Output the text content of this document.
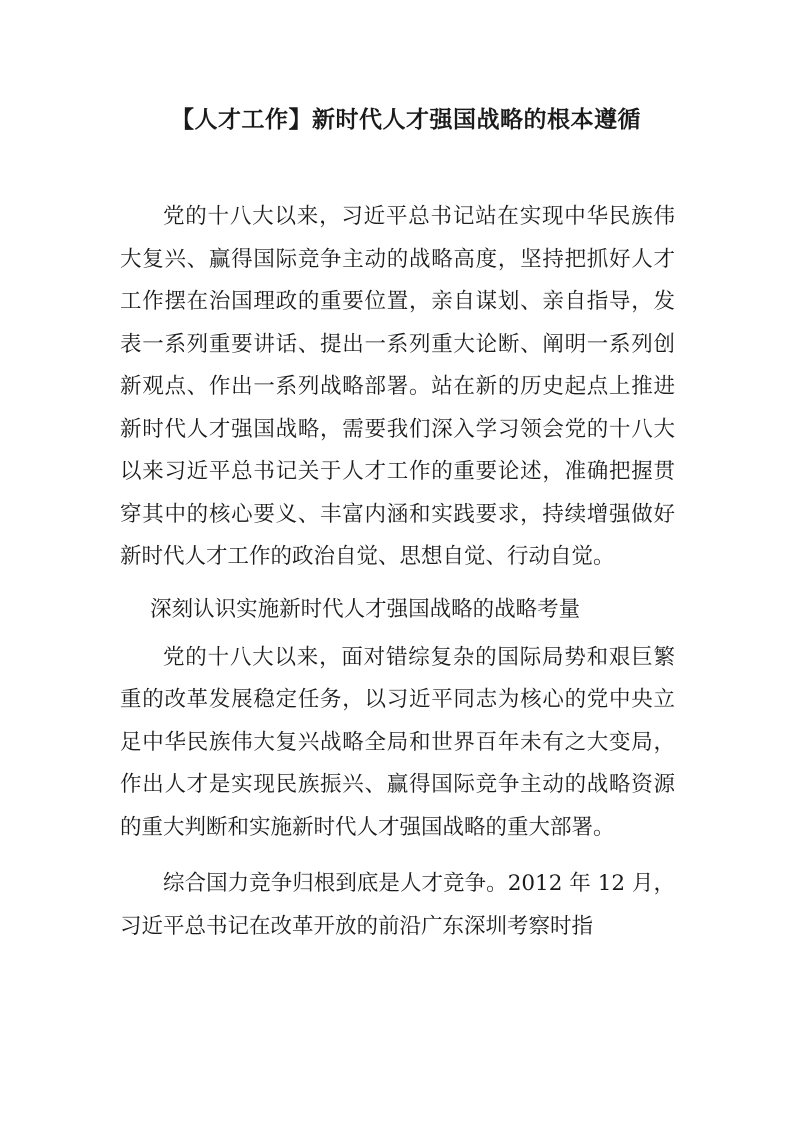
【人才工作】新时代人才强国战略的根本遵循

党的十八大以来，习近平总书记站在实现中华民族伟大复兴、赢得国际竞争主动的战略高度，坚持把抓好人才工作摆在治国理政的重要位置，亲自谋划、亲自指导，发表一系列重要讲话、提出一系列重大论断、阐明一系列创新观点、作出一系列战略部署。站在新的历史起点上推进新时代人才强国战略，需要我们深入学习领会党的十八大以来习近平总书记关于人才工作的重要论述，准确把握贯穿其中的核心要义、丰富内涵和实践要求，持续增强做好新时代人才工作的政治自觉、思想自觉、行动自觉。

深刻认识实施新时代人才强国战略的战略考量

党的十八大以来，面对错综复杂的国际局势和艰巨繁重的改革发展稳定任务，以习近平同志为核心的党中央立足中华民族伟大复兴战略全局和世界百年未有之大变局，作出人才是实现民族振兴、赢得国际竞争主动的战略资源的重大判断和实施新时代人才强国战略的重大部署。

综合国力竞争归根到底是人才竞争。2012 年 12 月，习近平总书记在改革开放的前沿广东深圳考察时指
